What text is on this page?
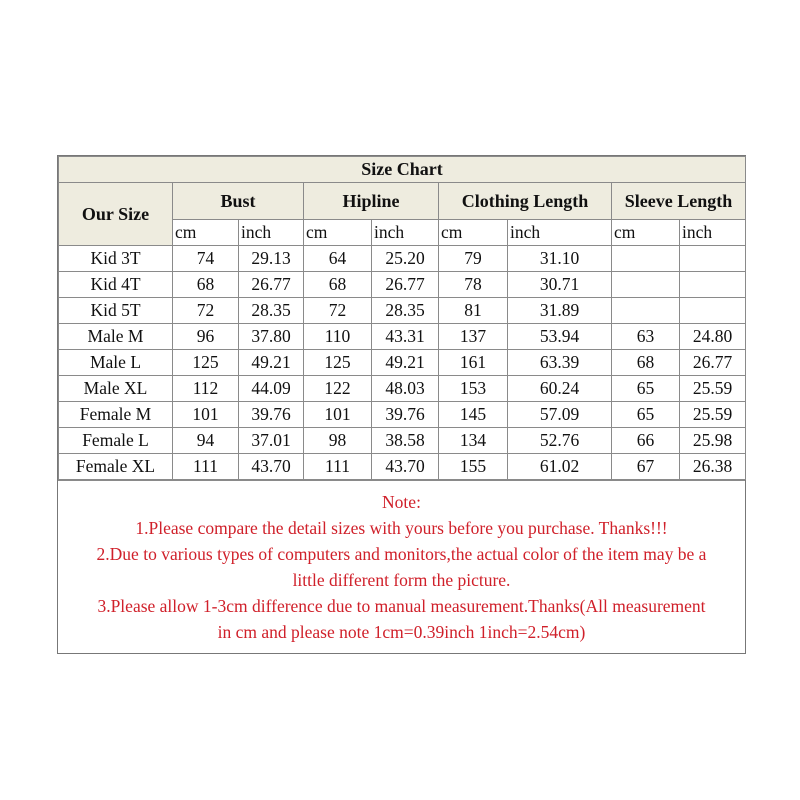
Size Chart								
Our Size	Bust		Hipline		Clothing Length		Sleeve Length	
	cm	inch	cm	inch	cm	inch	cm	inch
Kid 3T	74	29.13	64	25.20	79	31.10		
Kid 4T	68	26.77	68	26.77	78	30.71		
Kid 5T	72	28.35	72	28.35	81	31.89		
Male M	96	37.80	110	43.31	137	53.94	63	24.80
Male L	125	49.21	125	49.21	161	63.39	68	26.77
Male XL	112	44.09	122	48.03	153	60.24	65	25.59
Female M	101	39.76	101	39.76	145	57.09	65	25.59
Female L	94	37.01	98	38.58	134	52.76	66	25.98
Female XL	111	43.70	111	43.70	155	61.02	67	26.38
Note:
1.Please compare the detail sizes with yours before you purchase. Thanks!!!
2.Due to various types of computers and monitors,the actual color of the item may be a
little different form the picture.
3.Please allow 1-3cm difference due to manual measurement.Thanks(All measurement
in cm and please note 1cm=0.39inch 1inch=2.54cm)
